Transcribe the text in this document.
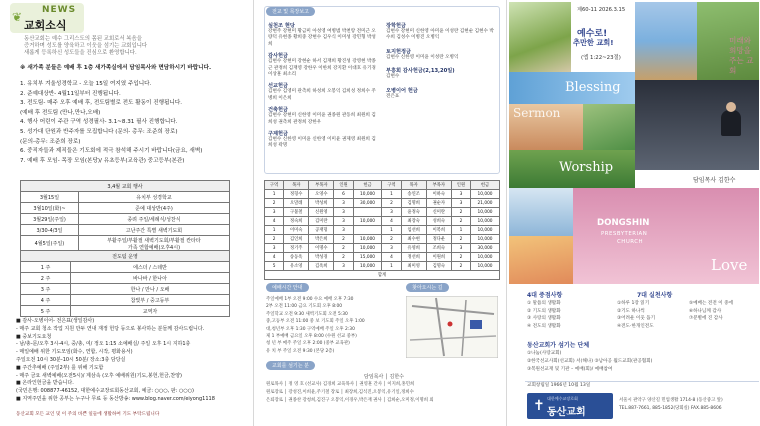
NEWS
❦
교회소식
동산교회는 예수 그리스도의 몸된 교회로서 복음을
증거하며 성도를 양육하고 이웃을 섬기는 교회입니다
새롭게 등록하신 성도들을 진심으로 환영합니다.
※ 새가족 분들은 예배 후 1층 새가족실에서 담임목사와 면담하시기 바랍니다.
1. 유치부 겨울성경학교 - 오늘 15일 여지였 주입니다.
2. 준예대상반- 4월11일부터 진행됩니다.
3. 전도팀- 매주 오후 예배 후, 전도팀별로 전도 활동이 진행됩니다.
(예배 후 전도팀 (만나,만나,오배)
4. 행사 어린이 주관 구역 성경필사- 3.1~8.31 필사 진행합니다.
5. 성가대 단원과 반주자를 모집합니다 (문의- 총무: 조준희 장로)
(문의-총무: 조준희 장로)
6. 중직자들과 제직들은 기도회에 적극 참석해 주시기 바랍니다(금요, 새벽)
7. 예배 후 모임- 목장 모임(본당)/ 유초등부(교육관) 중고등부(본관)
3,4월 교회 행사	
3월15일	유치부 성경학교
3월10일(화)~	준예 대상반(4주)
3월29일(주일)	종려 주일/세례식/성찬식
3/30-4/3일	고난주간 특별 새벽기도회
4월5일(주일)	부활주일/부활절 새벽기도회/부활절 칸타타
가족 연합예배(오후4시)
전도팀 운영	
1 주	에스더 / 스데반
2 주	바나바 / 한나아
3 주	한나 / 만나 / 오배
4 주	참빛부 / 중고등부
5 주	교역자
■ 감사-오병이어- 전은표(생일감사)
- 매주 교회 청소 작업 지원 만두 연내 재정 헌당 등으로 봉사하는 분들께 감사드립니다.
■ 중보기도요청
- 남/총-문/오후 3시-4시, 중/총, 여/ 정오 1:15 소예배실/ 주일 오후 1시 지하1층
- 매일예배 위한 기도모임(화수, 연합, 시작, 평화용서)
주일오전 10시 30분-10시 50분/ 장소:3층 담당실
■ 주간추예배 (주일2부) 를 위해 기도함
- 매주 금요 새벽예배(오전5시)/ 계삼속 (오후 예배위원(기도,봉헌,헌금,찬양)
■ 온라인헌금을 받습니다.
(국민은행: 008877-46152, 대한예수교장로회동산교회, 예금: ○○○, 판: ○○○)
■ 지역주민을 위한 공부는 누구나 무료 등 동산방송: www.blog.naver.com/eiyong1118
동산교회 모든 교인 및 이 주의 바쁜 일들에 생활하여 기도 부탁드립니다
전교 및 목장보고
실천조 현당
강현주 강현미 황금미 아성영 여병범 박천랑 전미근 오량덕 유현종 황희중 강현수 김우식 이미성 강민형 박성희
감사헌금
김현수 강현미 강현순 하서 김재희 황진성 강영현 박종근 관정희 김재영 강한우 이한희 강지환 이대호 유기경 이상훈 최소리
선교헌금
김현수 김영미 관측희 하성희 오봉익 김희성 정희수 주병희 이은희
건축헌금
김현수 강현미 신한영 이미윤 권종원 관동희 최원희 김희성 권측희 관정희 강한우
구제헌금
김현수 신한영 이미윤 신한영 이미윤 권제영 최원희 김희성 곽명
장학헌금
김현수 강현미 신한영 아미윤 이성란 김현순 김현수 박수희 김성수 이병진 오병익
토지헌정금
김현수 신한영 이미윤 이성란 오병익
부흥회 감사헌금(2,13,20일)
김현수
오병이어 헌금
전은표
구역	목자	부목자	인원	헌금	구역	목자	부목자	인원	헌금
1	정형수	오영수	6	10,000	1	송연조	이하숙	3	10,000
2	오말례	박성희	3	30,000	2	김명희	권순자	3	21,000
3	구불철	신원영	3		3	윤정숙	신미란	2	10,000
4	정숙희	김미란	3	10,000	4	최장숙	성희숙	2	10,000
1	이미숙	공재형	3		1	임선희	이복희	1	10,000
2	김인희	박은희	2	10,000	2	최수현	정다운	2	10,000
3	정기주	이명수	2	10,000	3	유영희	조희숙	3	30,000
4	송동옥	박성경	2	15,000	4	정선희	이원희	2	10,000
5	유소영	김옥희	3	10,000	1	최미영	김명숙	2	10,000
합계									
예배시간 안내	찾아오시는 길
주일예배 1부 오전 9:00 수요 예배 오후 7:30
2부 오전 11:00 금요 기도회 오후 8:00
주일학교 오전 9:30 새벽기도회 오전 5:30
중,고등부 오전 11:00 중 보 기도회 주일 오후 1:00
대,청년부 오후 1:30 구역예배 주일 오후 2:30
제 1 부예배 금요일 오후 8:00 (수원 선교 중부)
청 년 부 매주 주일 오후 2:00 (중부 교육관)
유 치 부 주일 오전 9:30 (본당 2층)
교회를 섬기는 분
담임목사 │ 김한수
원로목사 │ 정 영 호 (선교사) 김경희 교육목사 │ 권영훈 간사 │ 이지희,홍민희
원로장로 │ 강성진,이희윤,주기철 장로 │ 최장희,김석진,오봉익,유기일,정희수
은퇴장로 │ 권종찬 강청희,김진구 오봉익,이경우,박은재 권사 │ 김희순,오미정,이명희 외
제60-11 2026.3.15
예수로!
추만한 교회!
(엡 1:22~23절)
미래와
희망을
주는 교회
Blessing
Sermon
Worship
담임목사 김한수
DONGSHIN
PRESBYTERIAN
CHURCH
Love
4대 중점사항
① 말씀의 생활화
② 기도의 생활화
③ 사랑의 생활화
④ 전도의 생활화
7대 실천사항
①하루 1장 읽기
②기도 하나씩
③어려운 이웃 돕기
④전도·한개인전도
⑤예배는 전전 이 중에
⑥하나님께 감사
⑦분별에 진 감사
동산교회가 섬기는 단체
①나눔(사랑교회)
②한국선교사회(선교회) 서(해나) ③남아공 월드교회(관공협회)
③복원선교재 및 기관 – 예배(회)/ 예배참여
교회창립일 1966년 10월 13일
✝ 대한예수교장로회
동산교회
서울시 관악구 양산길 민업생활 1714-8 (동산중고 앞)
TEL.887-7661, 885-1852(당회실) FAX.885-8606
